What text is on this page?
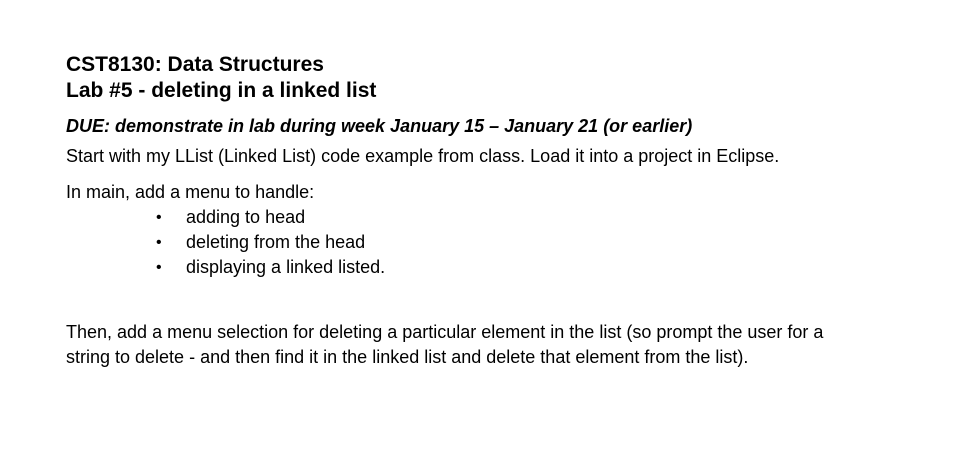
CST8130: Data Structures
Lab #5 - deleting in a linked list
DUE: demonstrate in lab during week January 15 – January 21 (or earlier)
Start with my LList (Linked List) code example from class. Load it into a project in Eclipse.
In main, add a menu to handle:
• adding to head
• deleting from the head
• displaying a linked listed.
Then, add a menu selection for deleting a particular element in the list (so prompt the user for a string to delete - and then find it in the linked list and delete that element from the list).
